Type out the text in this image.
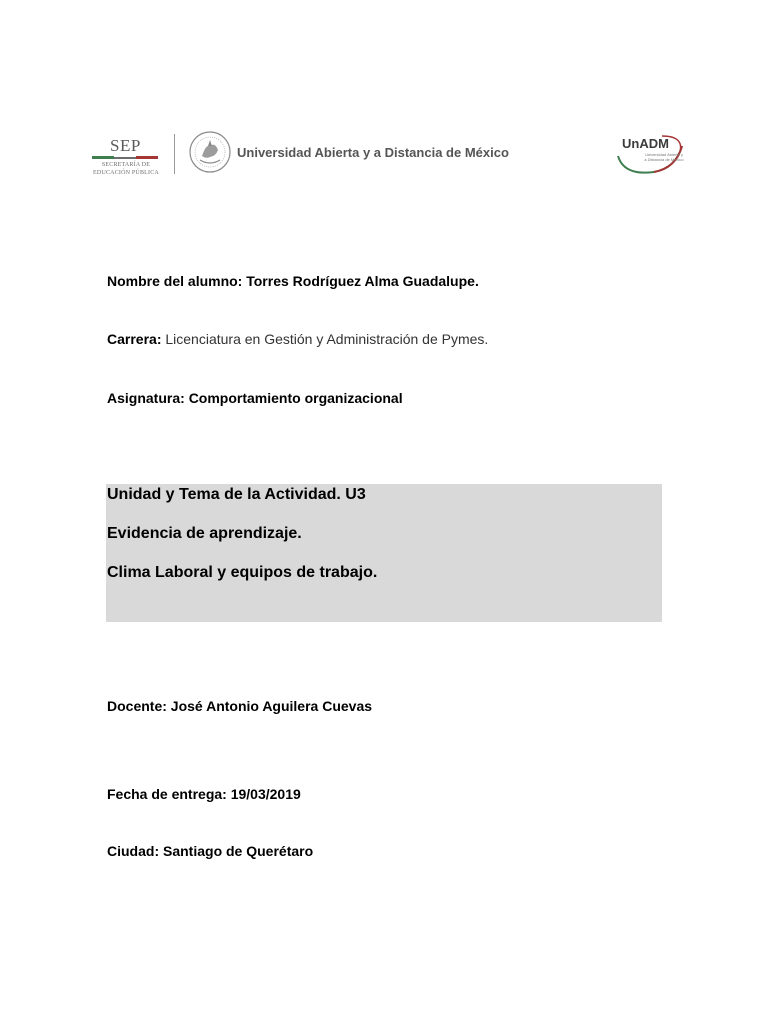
SEP
SECRETARÍA DE
EDUCACIÓN PÚBLICA
Universidad Abierta y a Distancia de México
UnADM
Universidad Abierta y a Distancia de México
Nombre del alumno: Torres Rodríguez Alma Guadalupe.
Carrera: Licenciatura en Gestión y Administración de Pymes.
Asignatura: Comportamiento organizacional
Unidad y Tema de la Actividad. U3
Evidencia de aprendizaje.
Clima Laboral y equipos de trabajo.
Docente: José Antonio Aguilera Cuevas
Fecha de entrega: 19/03/2019
Ciudad: Santiago de Querétaro
